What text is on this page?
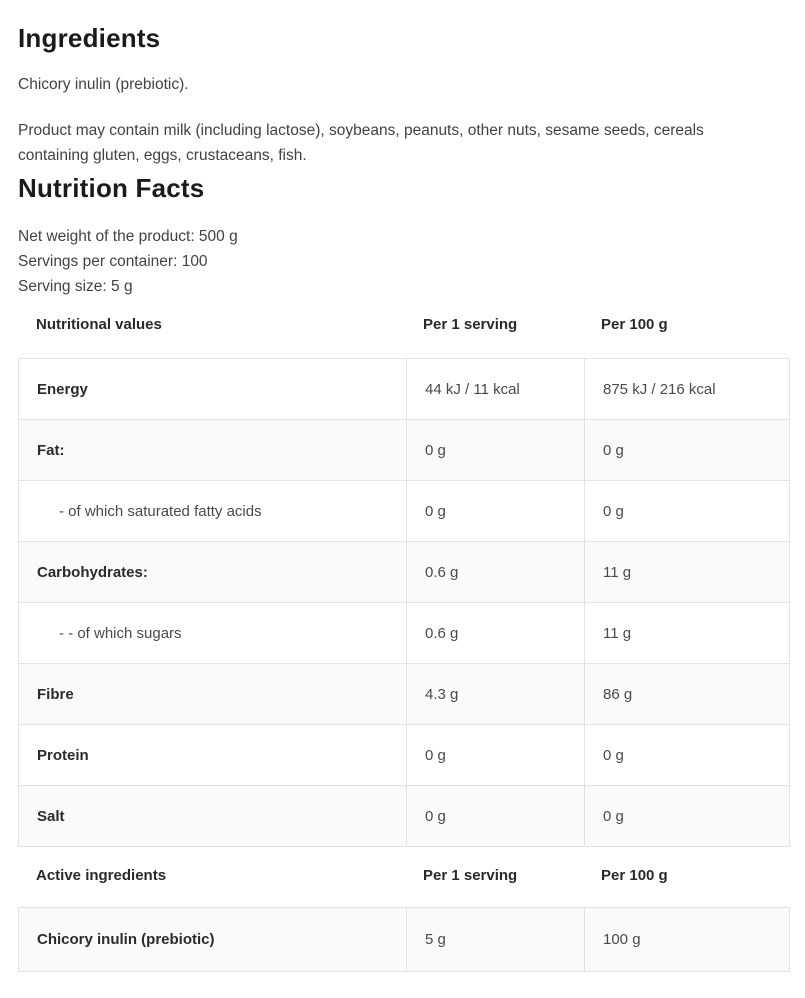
Ingredients

Chicory inulin (prebiotic).

Product may contain milk (including lactose), soybeans, peanuts, other nuts, sesame seeds, cereals containing gluten, eggs, crustaceans, fish.

Nutrition Facts

Net weight of the product: 500 g

Servings per container: 100

Serving size: 5 g

Nutritional values	Per 1 serving	Per 100 g
Energy	44 kJ / 11 kcal	875 kJ / 216 kcal
Fat:	0 g	0 g
- of which saturated fatty acids	0 g	0 g
Carbohydrates:	0.6 g	11 g
- - of which sugars	0.6 g	11 g
Fibre	4.3 g	86 g
Protein	0 g	0 g
Salt	0 g	0 g
Active ingredients	Per 1 serving	Per 100 g
Chicory inulin (prebiotic)	5 g	100 g
